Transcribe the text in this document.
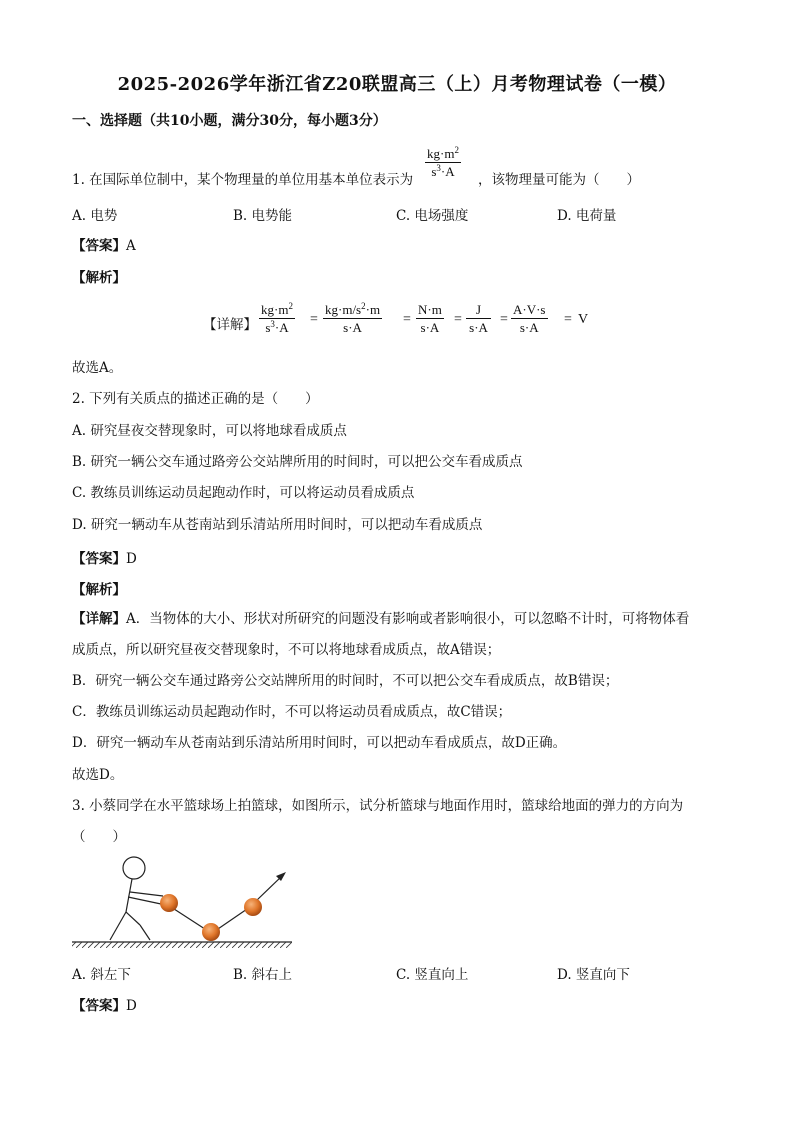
2025-2026学年浙江省Z20联盟高三（上）月考物理试卷（一模）
一、选择题（共10小题，满分30分，每小题3分）
1. 在国际单位制中，某个物理量的单位用基本单位表示为
$\frac{kg\cdot m^2}{s^3\cdot A}$
，该物理量可能为（　　）
A. 电势	B. 电势能	C. 电场强度	D. 电荷量
【答案】A
【解析】
【详解】 $\frac{kg\cdot m^2}{s^3\cdot A} = \frac{kg\cdot m/s^2\cdot m}{s\cdot A} = \frac{N\cdot m}{s\cdot A} = \frac{J}{s\cdot A} = \frac{A\cdot V\cdot s}{s\cdot A} = V$
故选A。
2. 下列有关质点的描述正确的是（　　）
A. 研究昼夜交替现象时，可以将地球看成质点
B. 研究一辆公交车通过路旁公交站牌所用的时间时，可以把公交车看成质点
C. 教练员训练运动员起跑动作时，可以将运动员看成质点
D. 研究一辆动车从苍南站到乐清站所用时间时，可以把动车看成质点
【答案】D
【解析】
【详解】A．当物体的大小、形状对所研究的问题没有影响或者影响很小，可以忽略不计时，可将物体看
成质点，所以研究昼夜交替现象时，不可以将地球看成质点，故A错误；
B．研究一辆公交车通过路旁公交站牌所用的时间时，不可以把公交车看成质点，故B错误；
C．教练员训练运动员起跑动作时，不可以将运动员看成质点，故C错误；
D．研究一辆动车从苍南站到乐清站所用时间时，可以把动车看成质点，故D正确。
故选D。
3. 小蔡同学在水平篮球场上拍篮球，如图所示，试分析篮球与地面作用时，篮球给地面的弹力的方向为
（　　）
A. 斜左下	B. 斜右上	C. 竖直向上	D. 竖直向下
【答案】D
